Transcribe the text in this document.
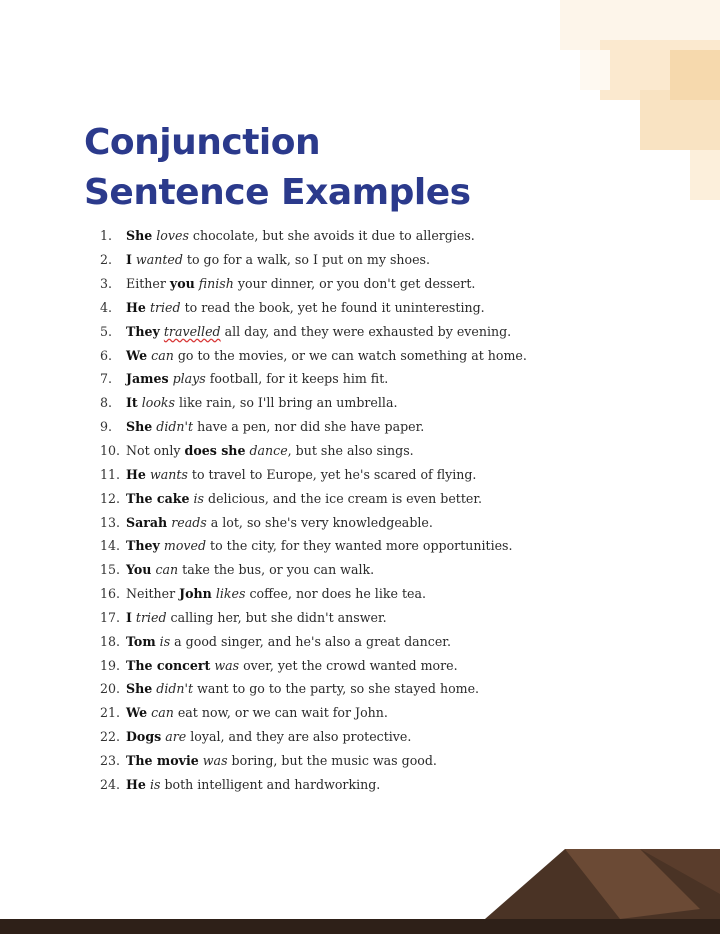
Conjunction
Sentence Examples
1.	She loves chocolate, but she avoids it due to allergies.
2.	I wanted to go for a walk, so I put on my shoes.
3.	Either you finish your dinner, or you don't get dessert.
4.	He tried to read the book, yet he found it uninteresting.
5.	They travelled all day, and they were exhausted by evening.
6.	We can go to the movies, or we can watch something at home.
7.	James plays football, for it keeps him fit.
8.	It looks like rain, so I'll bring an umbrella.
9.	She didn't have a pen, nor did she have paper.
10. Not only does she dance, but she also sings.
11. He wants to travel to Europe, yet he's scared of flying.
12. The cake is delicious, and the ice cream is even better.
13. Sarah reads a lot, so she's very knowledgeable.
14. They moved to the city, for they wanted more opportunities.
15. You can take the bus, or you can walk.
16. Neither John likes coffee, nor does he like tea.
17. I tried calling her, but she didn't answer.
18. Tom is a good singer, and he's also a great dancer.
19. The concert was over, yet the crowd wanted more.
20. She didn't want to go to the party, so she stayed home.
21. We can eat now, or we can wait for John.
22. Dogs are loyal, and they are also protective.
23. The movie was boring, but the music was good.
24. He is both intelligent and hardworking.
